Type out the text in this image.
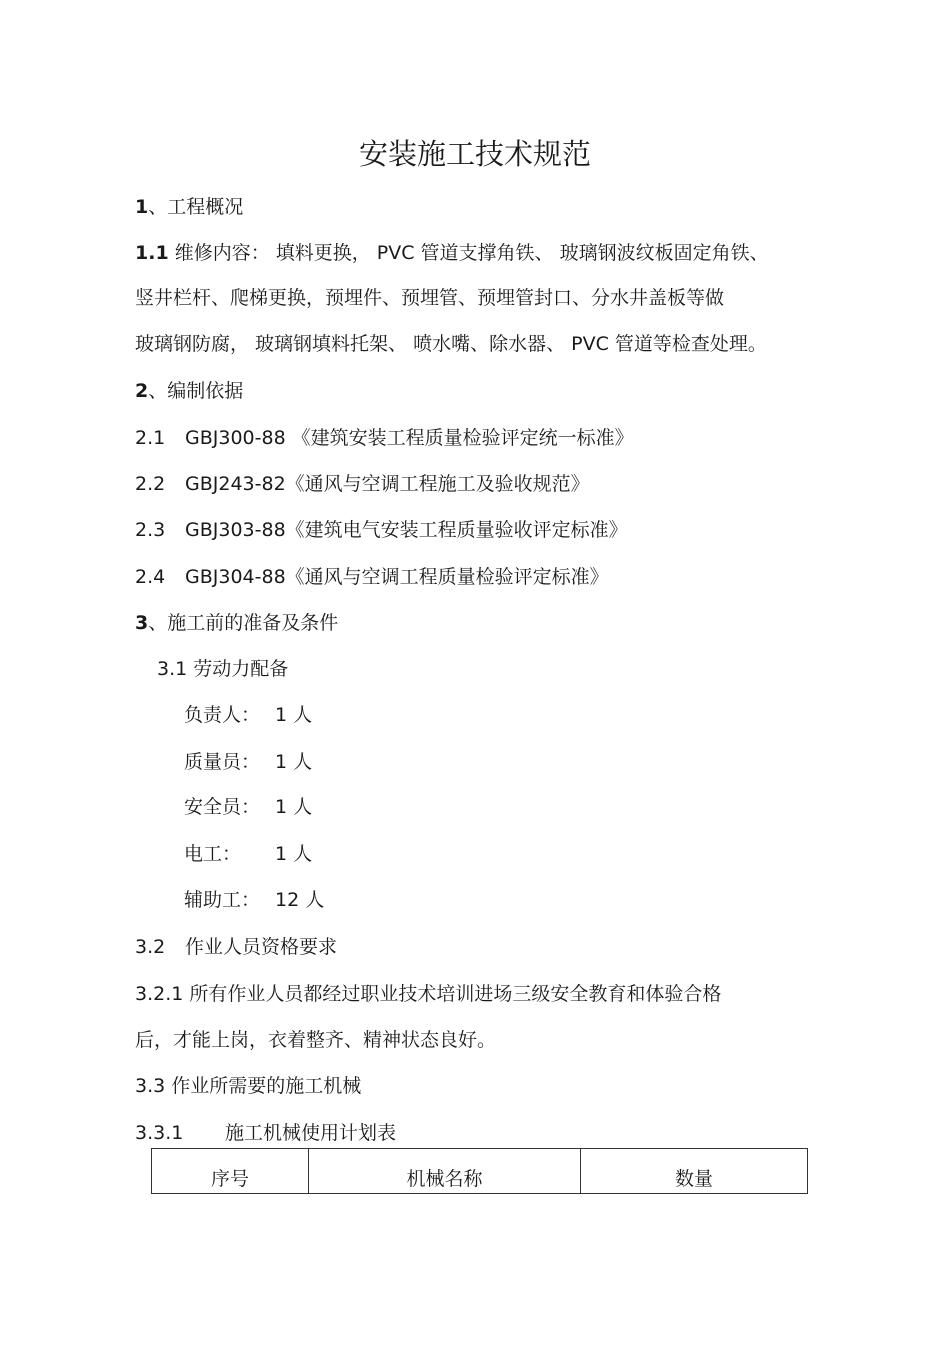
安装施工技术规范
1、工程概况
1.1 维修内容： 填料更换， PVC 管道支撑角铁、 玻璃钢波纹板固定角铁、
竖井栏杆、爬梯更换，预埋件、预埋管、预埋管封口、分水井盖板等做
玻璃钢防腐， 玻璃钢填料托架、 喷水嘴、除水器、 PVC 管道等检查处理。
2、编制依据
2.1 GBJ300-88 《建筑安装工程质量检验评定统一标准》
2.2 GBJ243-82《通风与空调工程施工及验收规范》
2.3 GBJ303-88《建筑电气安装工程质量验收评定标准》
2.4 GBJ304-88《通风与空调工程质量检验评定标准》
3、施工前的准备及条件
3.1 劳动力配备
负责人： 1 人
质量员： 1 人
安全员： 1 人
电工： 1 人
辅助工： 12 人
3.2 作业人员资格要求
3.2.1 所有作业人员都经过职业技术培训进场三级安全教育和体验合格
后，才能上岗，衣着整齐、精神状态良好。
3.3 作业所需要的施工机械
3.3.1 施工机械使用计划表
序号	机械名称	数量
